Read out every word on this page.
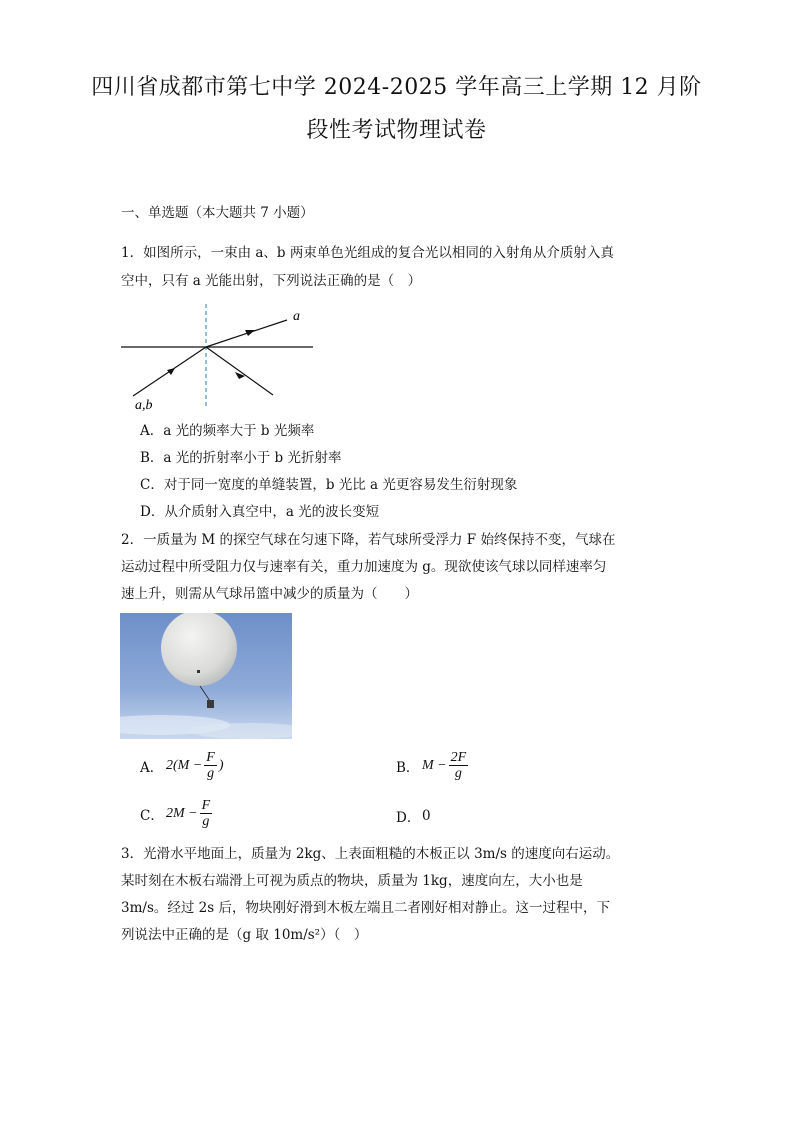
四川省成都市第七中学 2024-2025 学年高三上学期 12 月阶
段性考试物理试卷
一、单选题（本大题共 7 小题）
1．如图所示，一束由 a、b 两束单色光组成的复合光以相同的入射角从介质射入真
空中，只有 a 光能出射，下列说法正确的是（　）
a
a,b
A．a 光的频率大于 b 光频率
B．a 光的折射率小于 b 光折射率
C．对于同一宽度的单缝装置，b 光比 a 光更容易发生衍射现象
D．从介质射入真空中，a 光的波长变短
2．一质量为 M 的探空气球在匀速下降，若气球所受浮力 F 始终保持不变，气球在
运动过程中所受阻力仅与速率有关，重力加速度为 g。现欲使该气球以同样速率匀
速上升，则需从气球吊篮中减少的质量为（　　）
A． $2(M - \frac{F}{g}$ )	B． $M - \frac{2F}{g}$
C． $2M - \frac{F}{g}$	D． 0
3．光滑水平地面上，质量为 2kg、上表面粗糙的木板正以 3m/s 的速度向右运动。
某时刻在木板右端滑上可视为质点的物块，质量为 1kg，速度向左，大小也是
3m/s。经过 2s 后，物块刚好滑到木板左端且二者刚好相对静止。这一过程中，下
列说法中正确的是（g 取 10m/s²）（　）
